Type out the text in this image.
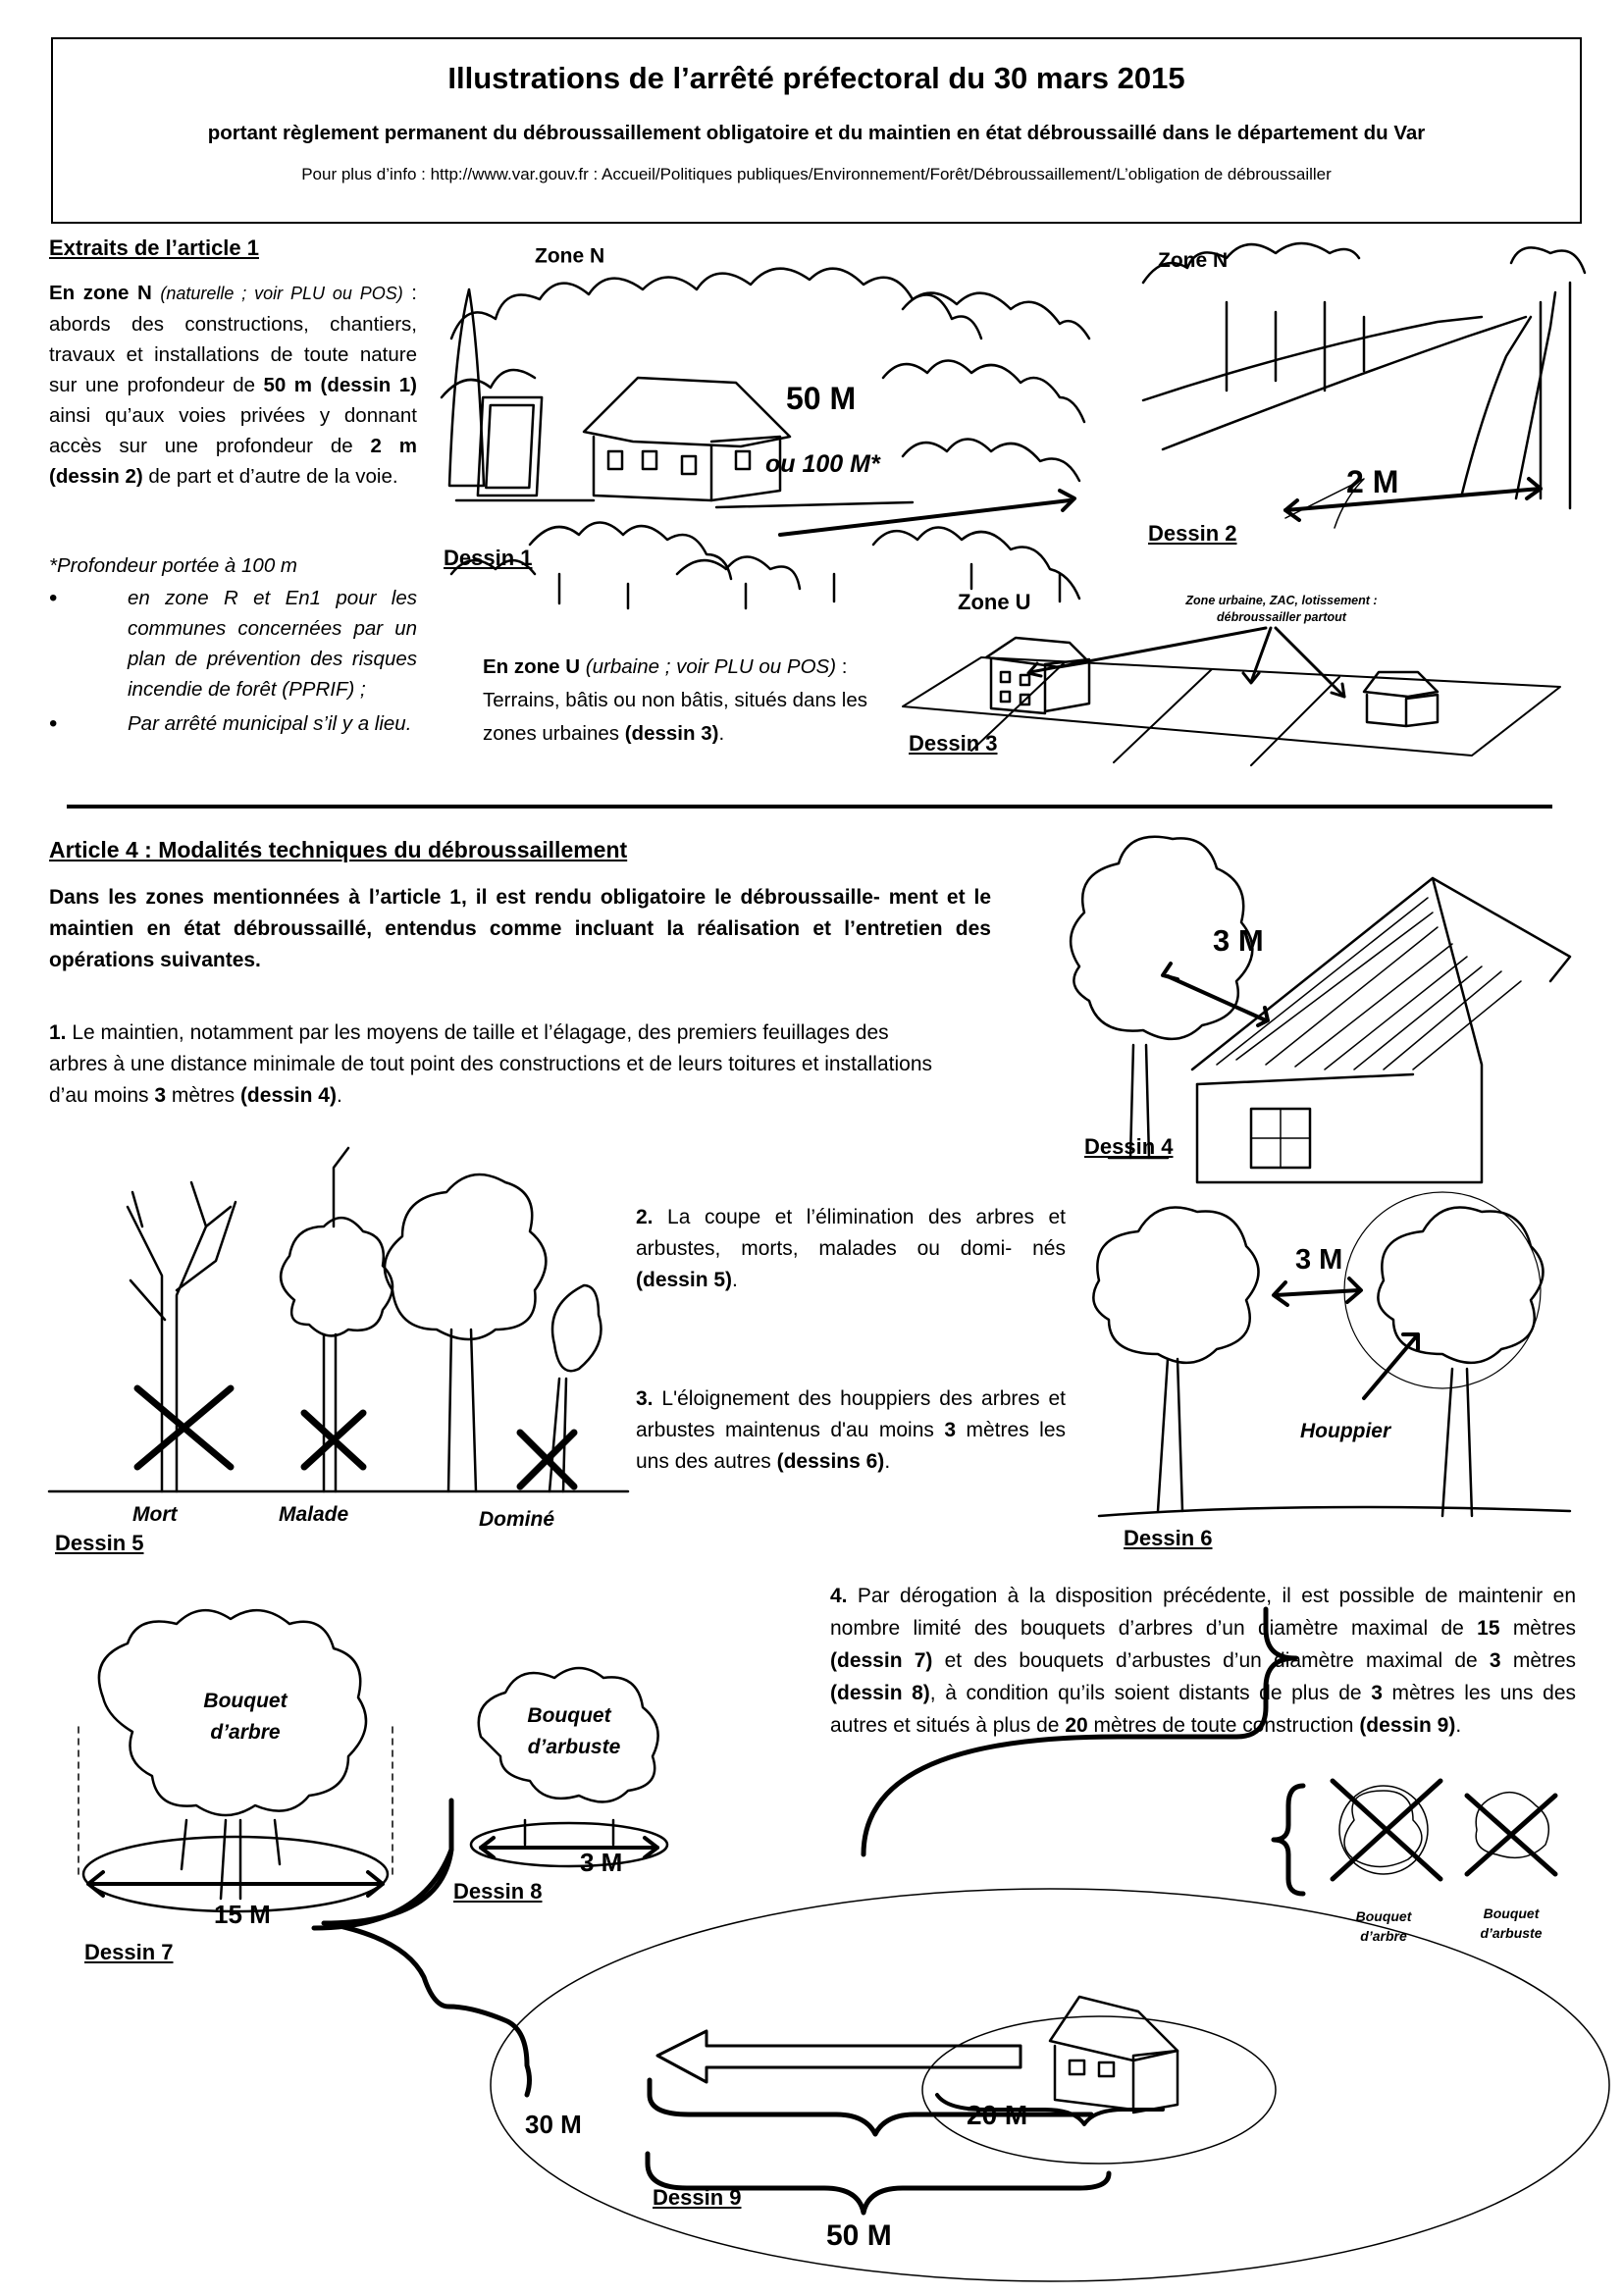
Illustrations de l’arrêté préfectoral du 30 mars 2015
portant règlement permanent du débroussaillement obligatoire et du maintien en état débroussaillé dans le département du Var
Pour plus d’info : http://www.var.gouv.fr : Accueil/Politiques publiques/Environnement/Forêt/Débroussaillement/L’obligation de débroussailler
Extraits de l’article 1
En zone N (naturelle ; voir PLU ou POS) : abords des constructions, chantiers, travaux et installations de toute nature sur une profondeur de 50 m (dessin 1) ainsi qu’aux voies privées y donnant accès sur une profondeur de 2 m (dessin 2) de part et d’autre de la voie.
*Profondeur portée à 100 m
• en zone R et En1 pour les communes concernées par un plan de prévention des risques incendie de forêt (PPRIF) ;
• Par arrêté municipal s’il y a lieu.
En zone U (urbaine ; voir PLU ou POS) : Terrains, bâtis ou non bâtis, situés dans les zones urbaines (dessin 3).
Zone N
50 M
ou 100 M*
Dessin 1
Zone N
2 M
Dessin 2
Zone U	Zone urbaine, ZAC, lotissement :
débroussailler partout
Dessin 3
Article 4 : Modalités techniques du débroussaillement
Dans les zones mentionnées à l’article 1, il est rendu obligatoire le débroussaille- ment et le maintien en état débroussaillé, entendus comme incluant la réalisation et l’entretien des opérations suivantes.
1. Le maintien, notamment par les moyens de taille et l’élagage, des premiers feuillages des arbres à une distance minimale de tout point des constructions et de leurs toitures et installations d’au moins 3 mètres (dessin 4).
3 M
Dessin 4
Mort	Malade	Dominé
Dessin 5
2. La coupe et l’élimination des arbres et arbustes, morts, malades ou domi- nés (dessin 5).
3. L'éloignement des houppiers des arbres et arbustes maintenus d'au moins 3 mètres les uns des autres (dessins 6).
3 M
Houppier
Dessin 6
4. Par dérogation à la disposition précédente, il est possible de maintenir en nombre limité des bouquets d’arbres d’un diamètre maximal de 15 mètres (dessin 7) et des bouquets d’arbustes d’un diamètre maximal de 3 mètres (dessin 8), à condition qu’ils soient distants de plus de 3 mètres les uns des autres et situés à plus de 20 mètres de toute construction (dessin 9).
Bouquet
d’arbre
15 M
Dessin 7
Bouquet
d’arbuste
3 M
Dessin 8
30 M	20 M
50 M
Dessin 9
Bouquet
d’arbre
Bouquet
d’arbuste
